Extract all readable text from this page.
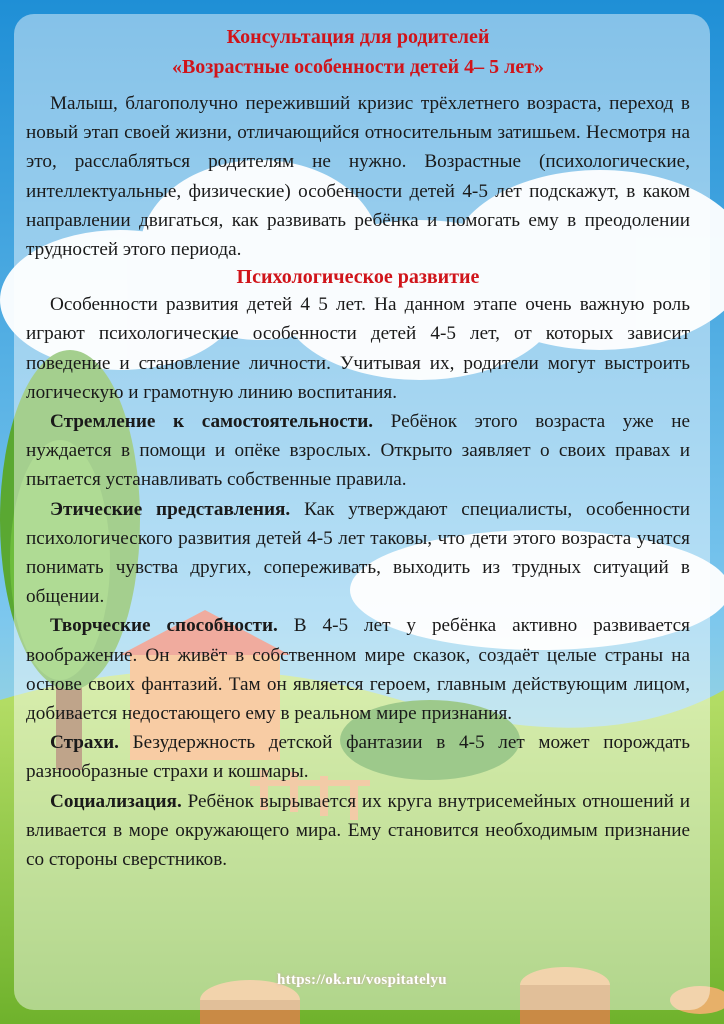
Консультация для родителей
«Возрастные особенности детей 4– 5 лет»

Малыш, благополучно переживший кризис трёхлетнего возраста, переход в новый этап своей жизни, отличающийся относительным затишьем. Несмотря на это, расслабляться родителям не нужно. Возрастные (психологические, интеллектуальные, физические) особенности детей 4-5 лет подскажут, в каком направлении двигаться, как развивать ребёнка и помогать ему в преодолении трудностей этого периода.

Психологическое развитие

Особенности развития детей 4 5 лет. На данном этапе очень важную роль играют психологические особенности детей 4-5 лет, от которых зависит поведение и становление личности. Учитывая их, родители могут выстроить логическую и грамотную линию воспитания.

Стремление к самостоятельности. Ребёнок этого возраста уже не нуждается в помощи и опёке взрослых. Открыто заявляет о своих правах и пытается устанавливать собственные правила.

Этические представления. Как утверждают специалисты, особенности психологического развития детей 4-5 лет таковы, что дети этого возраста учатся понимать чувства других, сопереживать, выходить из трудных ситуаций в общении.

Творческие способности. В 4-5 лет у ребёнка активно развивается воображение. Он живёт в собственном мире сказок, создаёт целые страны на основе своих фантазий. Там он является героем, главным действующим лицом, добивается недостающего ему в реальном мире признания.

Страхи. Безудержность детской фантазии в 4-5 лет может порождать разнообразные страхи и кошмары.

Социализация. Ребёнок вырывается их круга внутрисемейных отношений и вливается в море окружающего мира. Ему становится необходимым признание со стороны сверстников.

https://ok.ru/vospitatelyu
